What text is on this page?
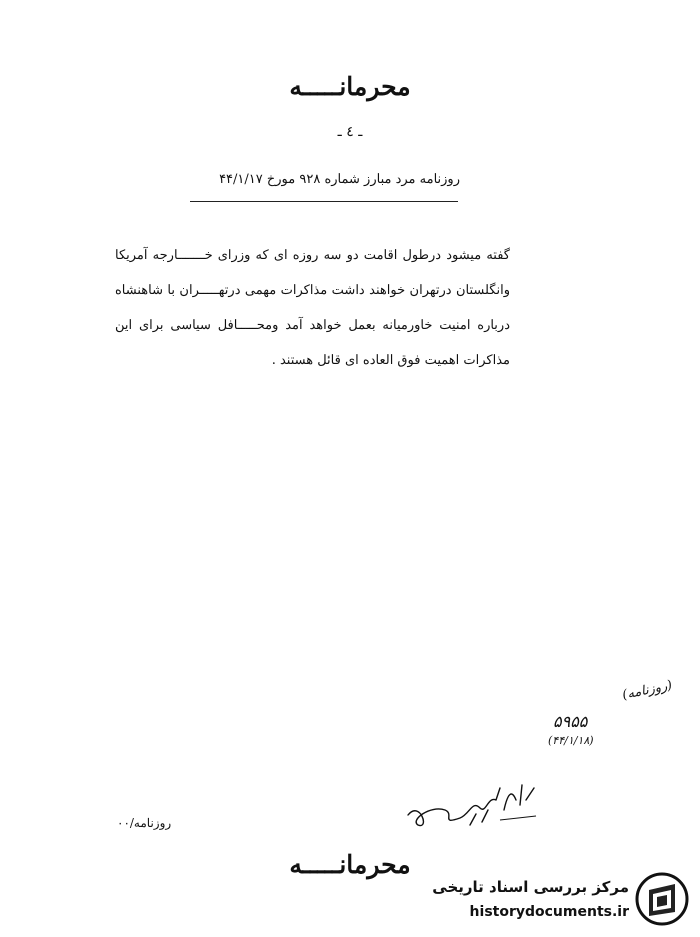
محرمانـــــه
ـ ٤ ـ
روزنامه مرد مبارز شماره ۹۲۸ مورخ ۴۴/۱/۱۷
گفته میشود درطول اقامت دو سه روزه ای که وزرای خـــــــارجه آمریکا وانگلستان درتهران خواهند داشت مذاکرات مهمی درتهـــــران با شاهنشاه درباره امنیت خاورمیانه بعمل خواهد آمد ومحـــــافل سیاسی برای این مذاکرات اهمیت فوق العاده ای قائل هستند .
(روزنامه)
۵۹۵۵
(۴۴/۱/۱۸)
روزنامه/۰۰
محرمانـــــه
مرکز بررسی اسناد تاریخی
historydocuments.ir
